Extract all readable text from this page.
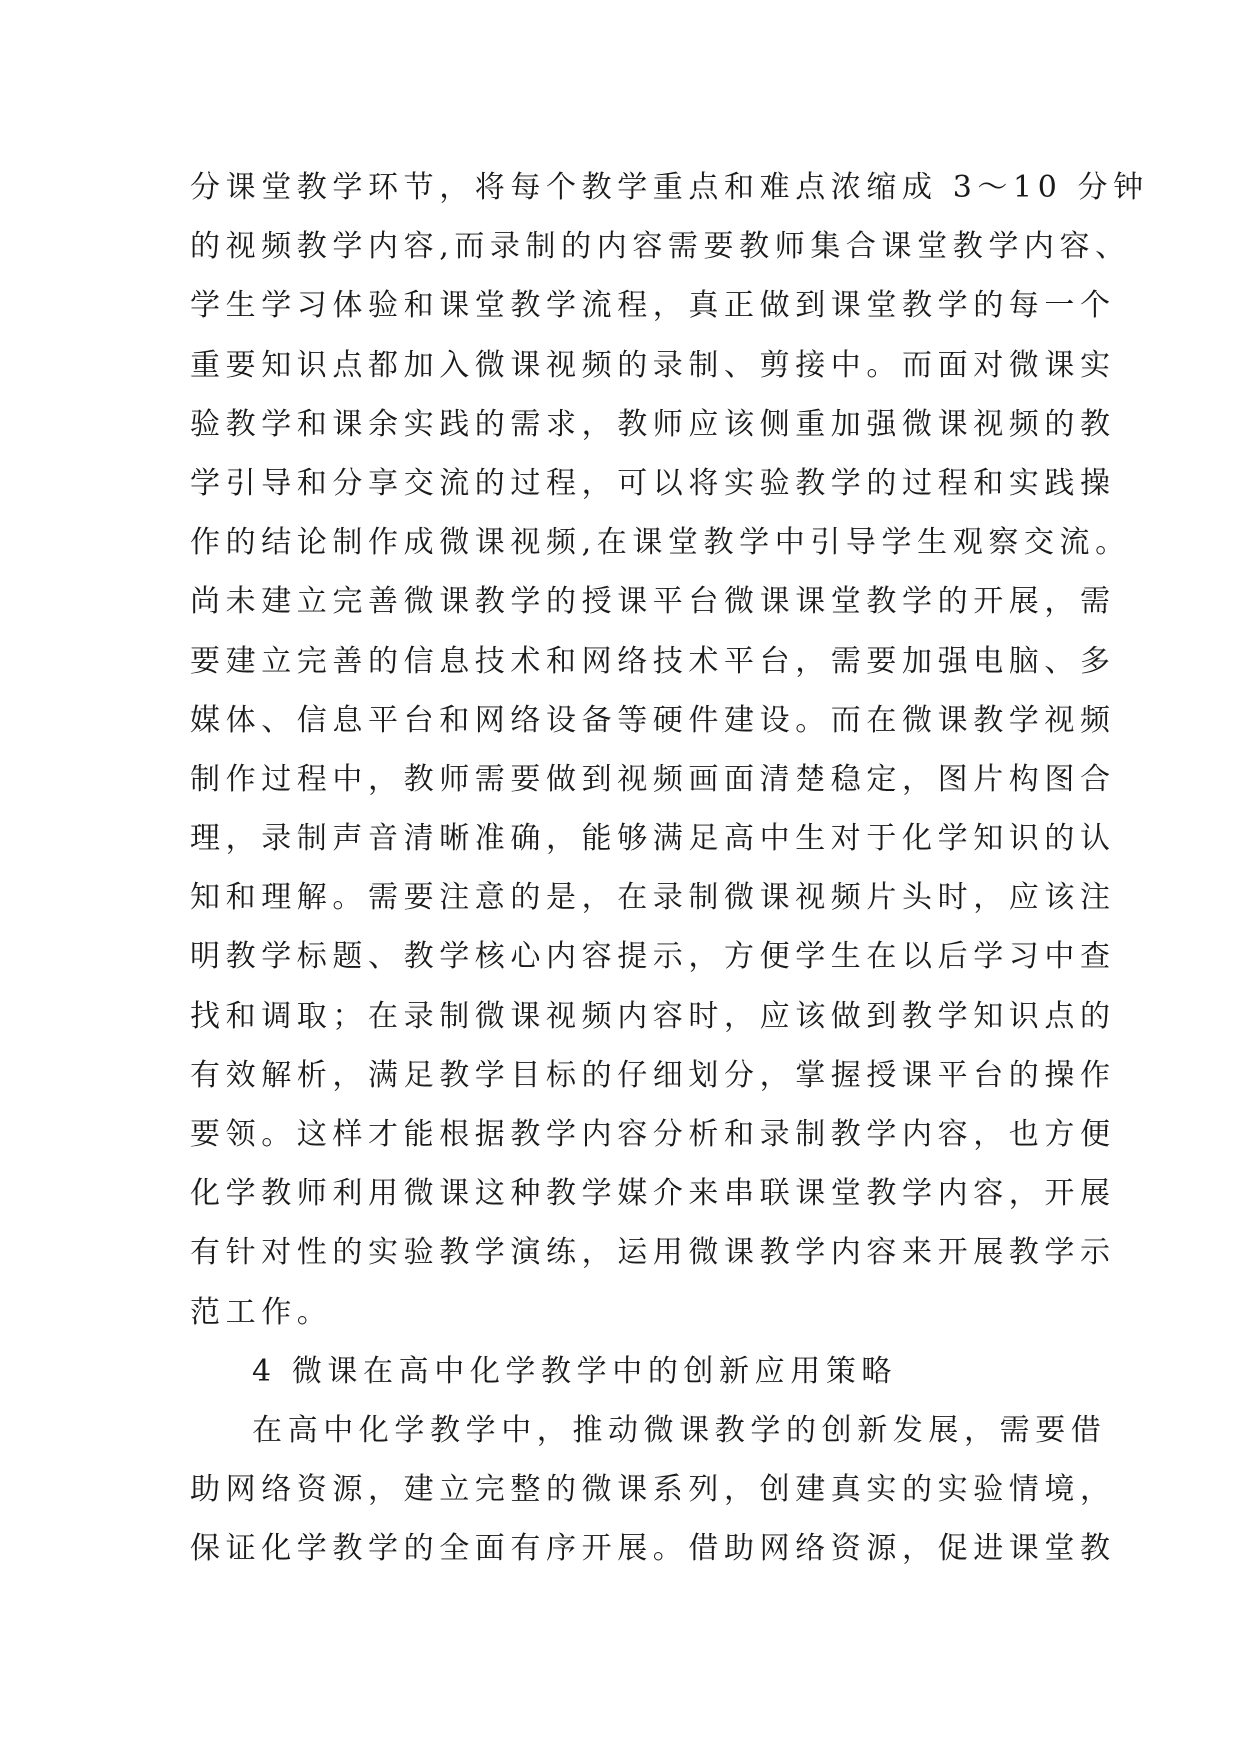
分课堂教学环节，将每个教学重点和难点浓缩成 3～10 分钟
的视频教学内容,而录制的内容需要教师集合课堂教学内容、
学生学习体验和课堂教学流程，真正做到课堂教学的每一个
重要知识点都加入微课视频的录制、剪接中。而面对微课实
验教学和课余实践的需求，教师应该侧重加强微课视频的教
学引导和分享交流的过程，可以将实验教学的过程和实践操
作的结论制作成微课视频,在课堂教学中引导学生观察交流。
尚未建立完善微课教学的授课平台微课课堂教学的开展，需
要建立完善的信息技术和网络技术平台，需要加强电脑、多
媒体、信息平台和网络设备等硬件建设。而在微课教学视频
制作过程中，教师需要做到视频画面清楚稳定，图片构图合
理，录制声音清晰准确，能够满足高中生对于化学知识的认
知和理解。需要注意的是，在录制微课视频片头时，应该注
明教学标题、教学核心内容提示，方便学生在以后学习中查
找和调取；在录制微课视频内容时，应该做到教学知识点的
有效解析，满足教学目标的仔细划分，掌握授课平台的操作
要领。这样才能根据教学内容分析和录制教学内容，也方便
化学教师利用微课这种教学媒介来串联课堂教学内容，开展
有针对性的实验教学演练，运用微课教学内容来开展教学示
范工作。
4 微课在高中化学教学中的创新应用策略
在高中化学教学中，推动微课教学的创新发展，需要借
助网络资源，建立完整的微课系列，创建真实的实验情境，
保证化学教学的全面有序开展。借助网络资源，促进课堂教
